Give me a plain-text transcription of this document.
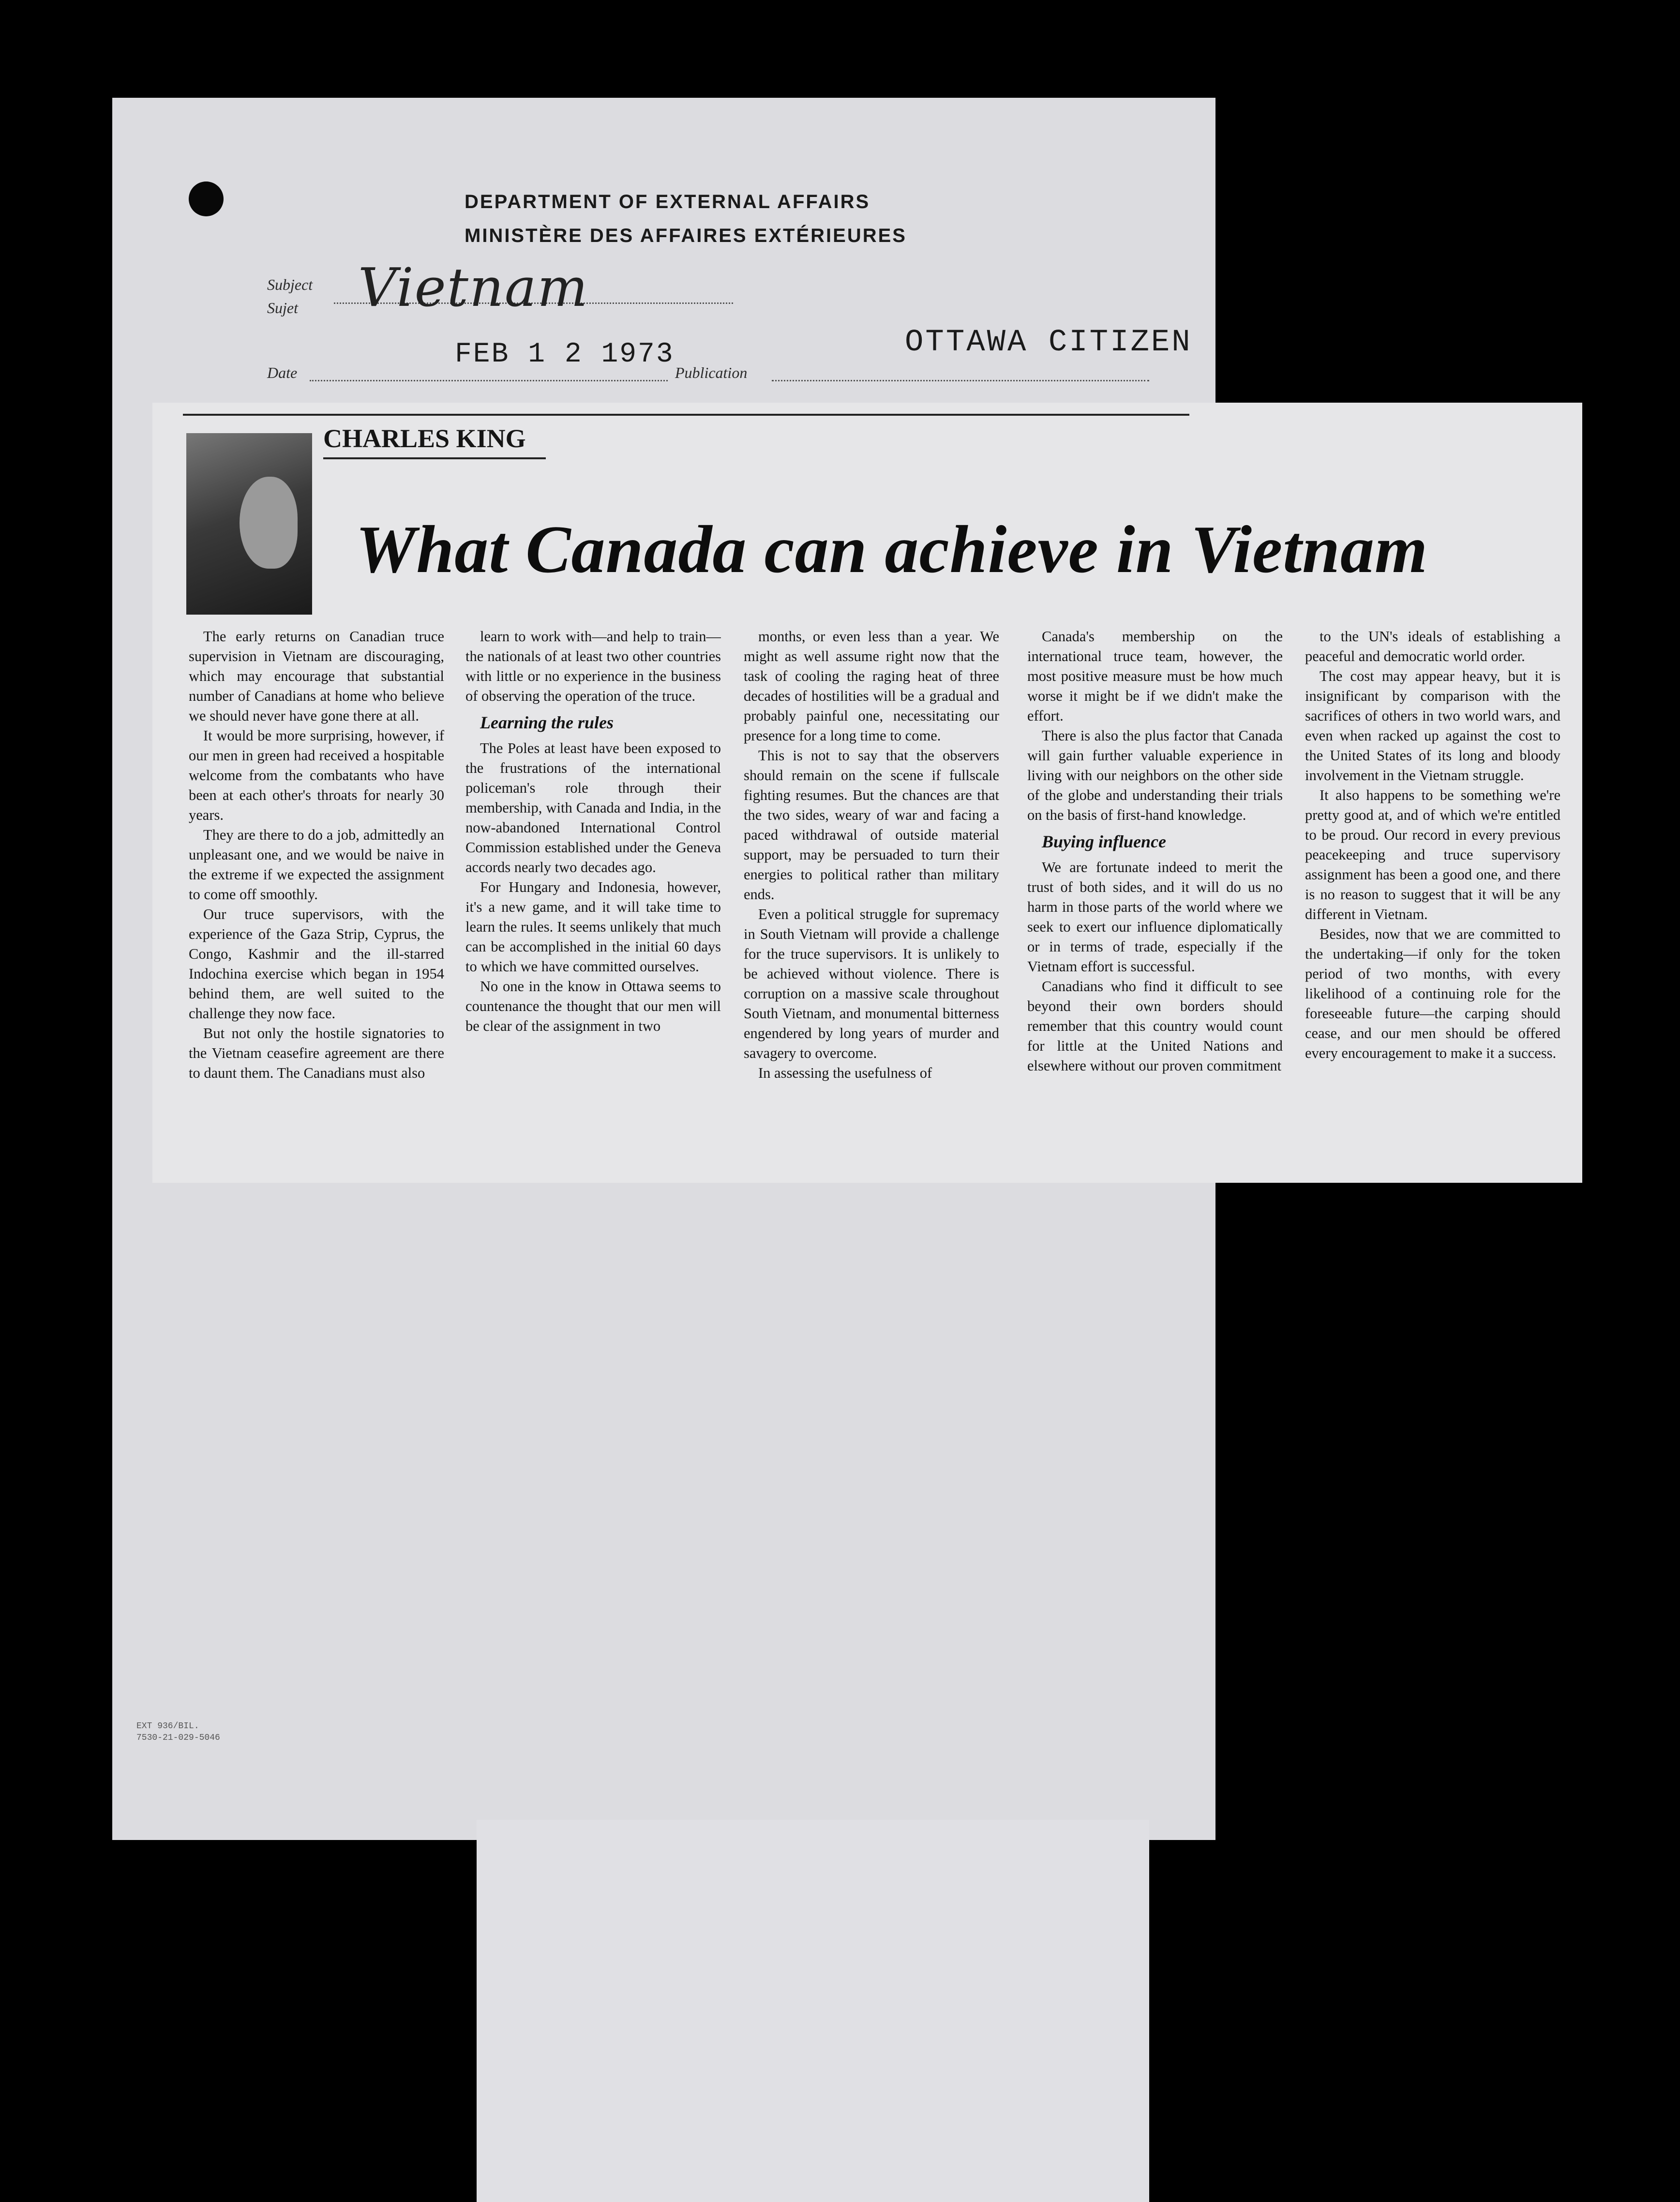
DEPARTMENT OF EXTERNAL AFFAIRS
MINISTÈRE DES AFFAIRES EXTÉRIEURES
Subject
Sujet Vietnam
Date
FEB 1 2 1973
Publication
OTTAWA CITIZEN
EXT 936/BIL.
7530-21-029-5046
CHARLES KING
What Canada can achieve in Vietnam

The early returns on Canadian truce supervision in Vietnam are discouraging, which may encourage that substantial number of Canadians at home who believe we should never have gone there at all.

It would be more surprising, however, if our men in green had received a hospitable welcome from the combatants who have been at each other's throats for nearly 30 years.

They are there to do a job, admittedly an unpleasant one, and we would be naive in the extreme if we expected the assignment to come off smoothly.

Our truce supervisors, with the experience of the Gaza Strip, Cyprus, the Congo, Kashmir and the ill-starred Indochina exercise which began in 1954 behind them, are well suited to the challenge they now face.

But not only the hostile signatories to the Vietnam ceasefire agreement are there to daunt them. The Canadians must also

learn to work with—and help to train—the nationals of at least two other countries with little or no experience in the business of observing the operation of the truce.

Learning the rules

The Poles at least have been exposed to the frustrations of the international policeman's role through their membership, with Canada and India, in the now-abandoned International Control Commission established under the Geneva accords nearly two decades ago.

For Hungary and Indonesia, however, it's a new game, and it will take time to learn the rules. It seems unlikely that much can be accomplished in the initial 60 days to which we have committed ourselves.

No one in the know in Ottawa seems to countenance the thought that our men will be clear of the assignment in two

months, or even less than a year. We might as well assume right now that the task of cooling the raging heat of three decades of hostilities will be a gradual and probably painful one, necessitating our presence for a long time to come.

This is not to say that the observers should remain on the scene if fullscale fighting resumes. But the chances are that the two sides, weary of war and facing a paced withdrawal of outside material support, may be persuaded to turn their energies to political rather than military ends.

Even a political struggle for supremacy in South Vietnam will provide a challenge for the truce supervisors. It is unlikely to be achieved without violence. There is corruption on a massive scale throughout South Vietnam, and monumental bitterness engendered by long years of murder and savagery to overcome.

In assessing the usefulness of

Canada's membership on the international truce team, however, the most positive measure must be how much worse it might be if we didn't make the effort.

There is also the plus factor that Canada will gain further valuable experience in living with our neighbors on the other side of the globe and understanding their trials on the basis of first-hand knowledge.

Buying influence

We are fortunate indeed to merit the trust of both sides, and it will do us no harm in those parts of the world where we seek to exert our influence diplomatically or in terms of trade, especially if the Vietnam effort is successful.

Canadians who find it difficult to see beyond their own borders should remember that this country would count for little at the United Nations and elsewhere without our proven commitment

to the UN's ideals of establishing a peaceful and democratic world order.

The cost may appear heavy, but it is insignificant by comparison with the sacrifices of others in two world wars, and even when racked up against the cost to the United States of its long and bloody involvement in the Vietnam struggle.

It also happens to be something we're pretty good at, and of which we're entitled to be proud. Our record in every previous peacekeeping and truce supervisory assignment has been a good one, and there is no reason to suggest that it will be any different in Vietnam.

Besides, now that we are committed to the undertaking—if only for the token period of two months, with every likelihood of a continuing role for the foreseeable future—the carping should cease, and our men should be offered every encouragement to make it a success.
